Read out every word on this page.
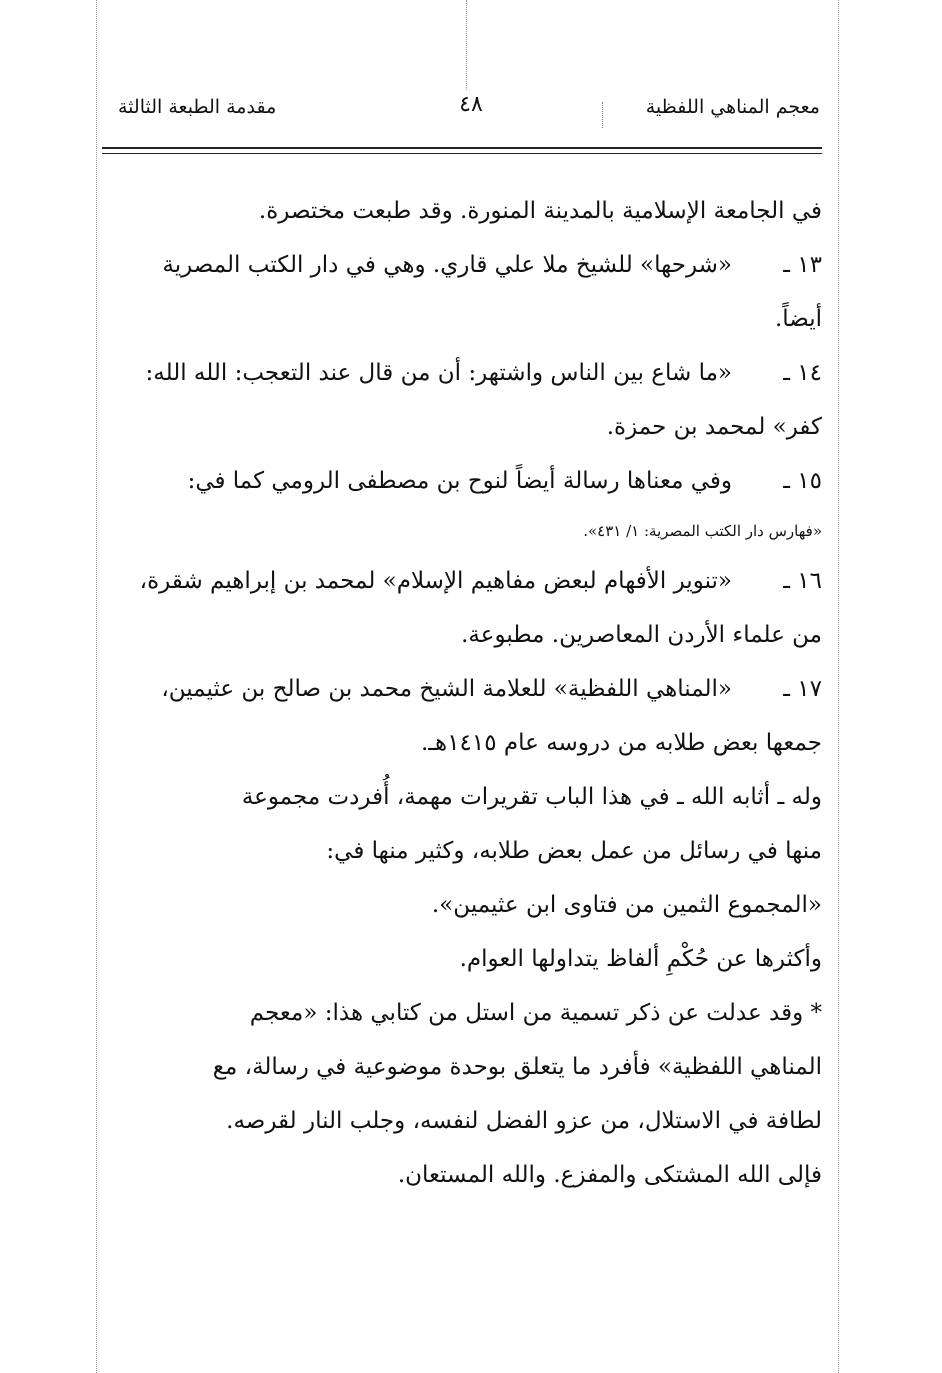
معجم المناهي اللفظية
٤٨
مقدمة الطبعة الثالثة
في الجامعة الإسلامية بالمدينة المنورة. وقد طبعت مختصرة.
١٣ ـ
«شرحها» للشيخ ملا علي قاري. وهي في دار الكتب المصرية
أيضاً.
١٤ ـ
«ما شاع بين الناس واشتهر: أن من قال عند التعجب: الله الله:
كفر» لمحمد بن حمزة.
١٥ ـ
وفي معناها رسالة أيضاً لنوح بن مصطفى الرومي كما في:
«فهارس دار الكتب المصرية: ١/ ٤٣١».
١٦ ـ
«تنوير الأفهام لبعض مفاهيم الإسلام» لمحمد بن إبراهيم شقرة،
من علماء الأردن المعاصرين. مطبوعة.
١٧ ـ
«المناهي اللفظية» للعلامة الشيخ محمد بن صالح بن عثيمين،
جمعها بعض طلابه من دروسه عام ١٤١٥هـ.
وله ـ أثابه الله ـ في هذا الباب تقريرات مهمة، أُفردت مجموعة
منها في رسائل من عمل بعض طلابه، وكثير منها في:
«المجموع الثمين من فتاوى ابن عثيمين».
وأكثرها عن حُكْمِ ألفاظ يتداولها العوام.
* وقد عدلت عن ذكر تسمية من استل من كتابي هذا: «معجم
المناهي اللفظية» فأفرد ما يتعلق بوحدة موضوعية في رسالة، مع
لطافة في الاستلال، من عزو الفضل لنفسه، وجلب النار لقرصه.
فإلى الله المشتكى والمفزع. والله المستعان.
